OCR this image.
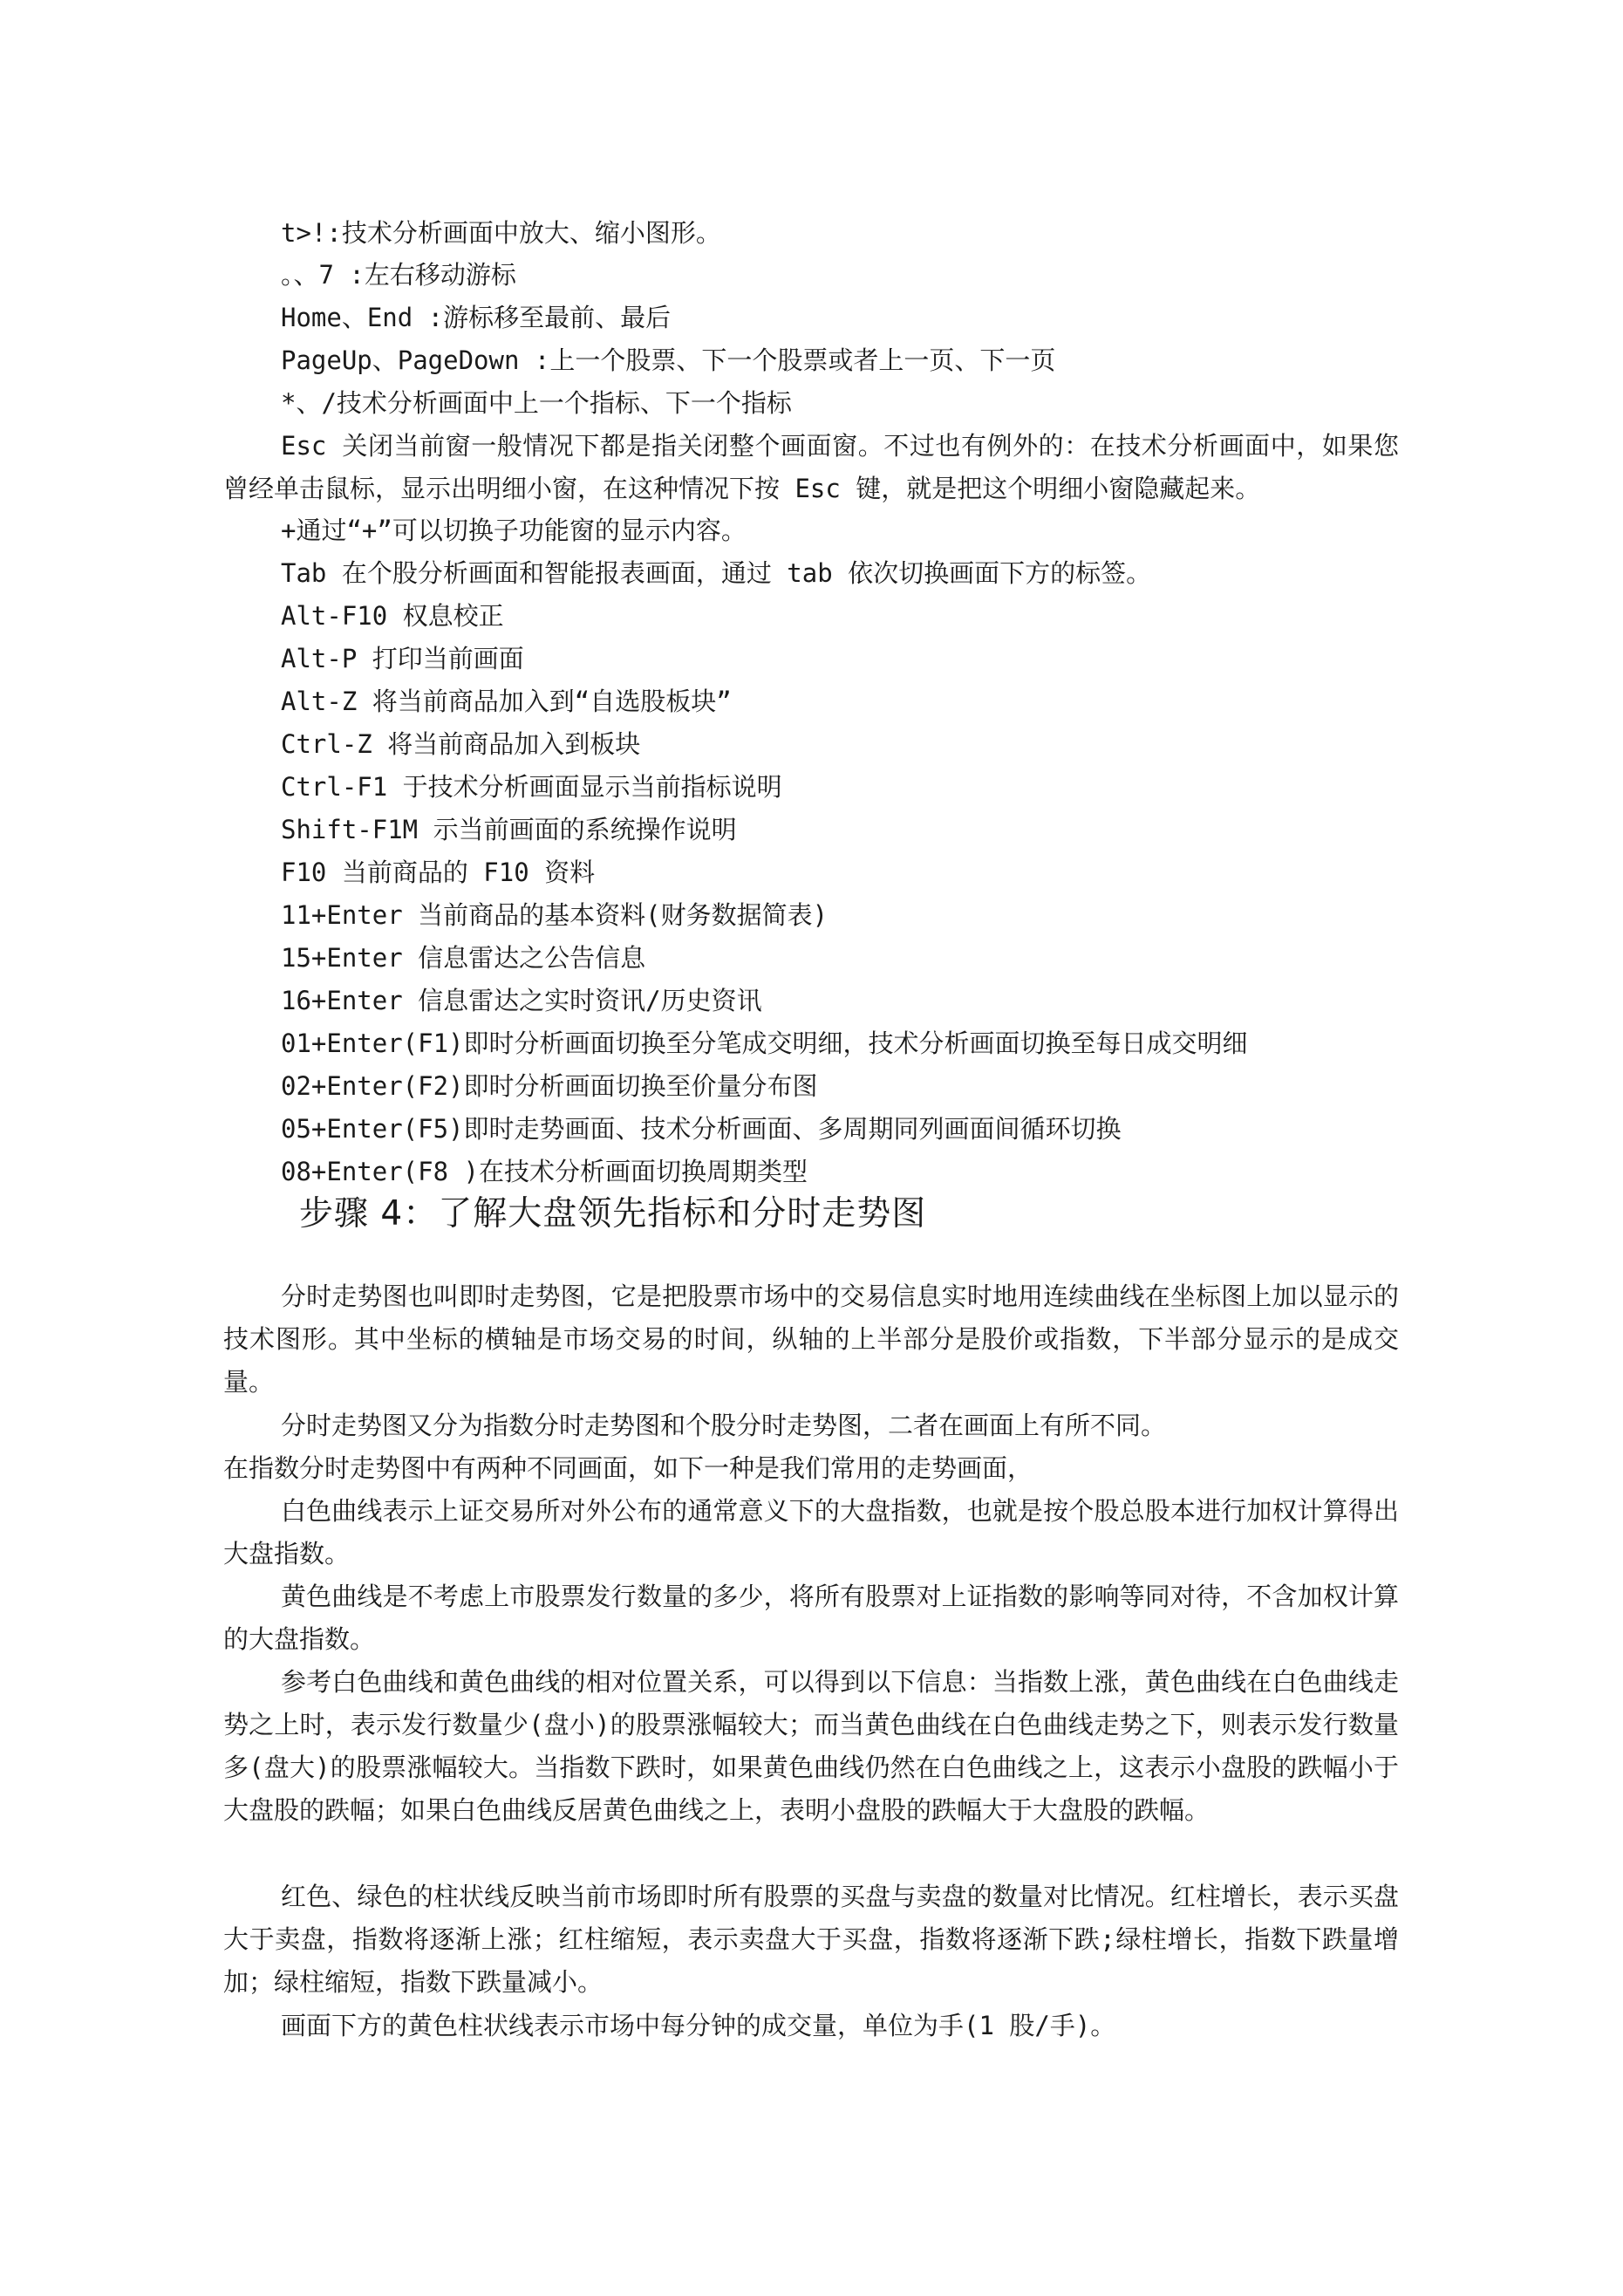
t>!:技术分析画面中放大、缩小图形。
。、7 :左右移动游标
Home、End :游标移至最前、最后
PageUp、PageDown :上一个股票、下一个股票或者上一页、下一页
*、/技术分析画面中上一个指标、下一个指标

Esc 关闭当前窗一般情况下都是指关闭整个画面窗。不过也有例外的：在技术分析画面中，如果您曾经单击鼠标，显示出明细小窗，在这种情况下按 Esc 键，就是把这个明细小窗隐藏起来。

+通过“+”可以切换子功能窗的显示内容。
Tab 在个股分析画面和智能报表画面，通过 tab 依次切换画面下方的标签。
Alt-F10 权息校正
Alt-P 打印当前画面
Alt-Z 将当前商品加入到“自选股板块”
Ctrl-Z 将当前商品加入到板块
Ctrl-F1 于技术分析画面显示当前指标说明
Shift-F1M 示当前画面的系统操作说明
F10 当前商品的 F10 资料
11+Enter 当前商品的基本资料(财务数据简表)
15+Enter 信息雷达之公告信息
16+Enter 信息雷达之实时资讯/历史资讯
01+Enter(F1)即时分析画面切换至分笔成交明细，技术分析画面切换至每日成交明细
02+Enter(F2)即时分析画面切换至价量分布图
05+Enter(F5)即时走势画面、技术分析画面、多周期同列画面间循环切换
08+Enter(F8 )在技术分析画面切换周期类型
步骤 4：了解大盘领先指标和分时走势图

分时走势图也叫即时走势图，它是把股票市场中的交易信息实时地用连续曲线在坐标图上加以显示的技术图形。其中坐标的横轴是市场交易的时间，纵轴的上半部分是股价或指数，下半部分显示的是成交量。

分时走势图又分为指数分时走势图和个股分时走势图，二者在画面上有所不同。

在指数分时走势图中有两种不同画面，如下一种是我们常用的走势画面，

白色曲线表示上证交易所对外公布的通常意义下的大盘指数，也就是按个股总股本进行加权计算得出大盘指数。

黄色曲线是不考虑上市股票发行数量的多少，将所有股票对上证指数的影响等同对待，不含加权计算的大盘指数。

参考白色曲线和黄色曲线的相对位置关系，可以得到以下信息：当指数上涨，黄色曲线在白色曲线走势之上时，表示发行数量少(盘小)的股票涨幅较大；而当黄色曲线在白色曲线走势之下，则表示发行数量多(盘大)的股票涨幅较大。当指数下跌时，如果黄色曲线仍然在白色曲线之上，这表示小盘股的跌幅小于大盘股的跌幅；如果白色曲线反居黄色曲线之上，表明小盘股的跌幅大于大盘股的跌幅。

红色、绿色的柱状线反映当前市场即时所有股票的买盘与卖盘的数量对比情况。红柱增长，表示买盘大于卖盘，指数将逐渐上涨；红柱缩短，表示卖盘大于买盘，指数将逐渐下跌;绿柱增长，指数下跌量增加；绿柱缩短，指数下跌量减小。

画面下方的黄色柱状线表示市场中每分钟的成交量，单位为手(1 股/手)。
